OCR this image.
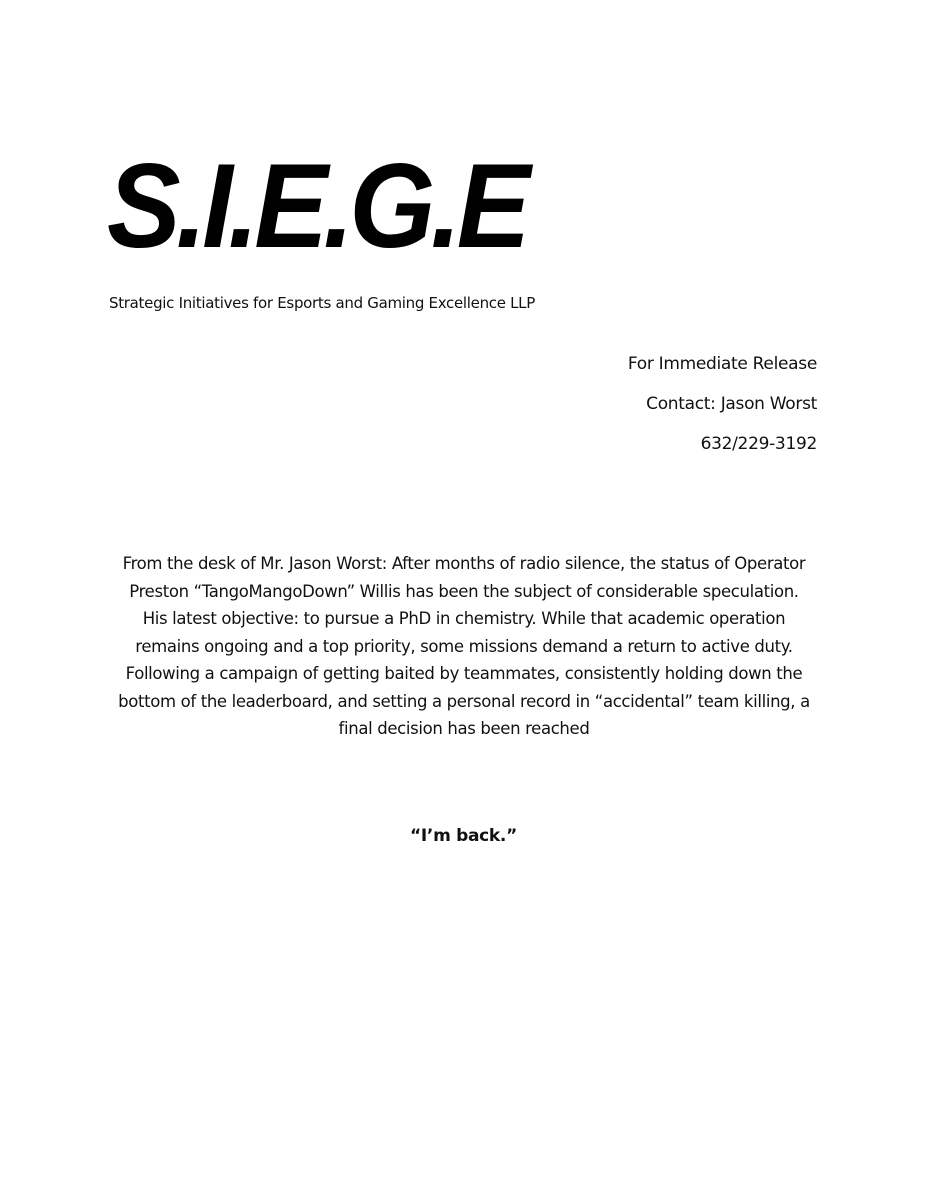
S.I.E.G.E
Strategic Initiatives for Esports and Gaming Excellence LLP
For Immediate Release
Contact: Jason Worst
632/229-3192

From the desk of Mr. Jason Worst: After months of radio silence, the status of Operator Preston “TangoMangoDown” Willis has been the subject of considerable speculation. His latest objective: to pursue a PhD in chemistry. While that academic operation remains ongoing and a top priority, some missions demand a return to active duty. Following a campaign of getting baited by teammates, consistently holding down the bottom of the leaderboard, and setting a personal record in “accidental” team killing, a final decision has been reached

“I’m back.”
